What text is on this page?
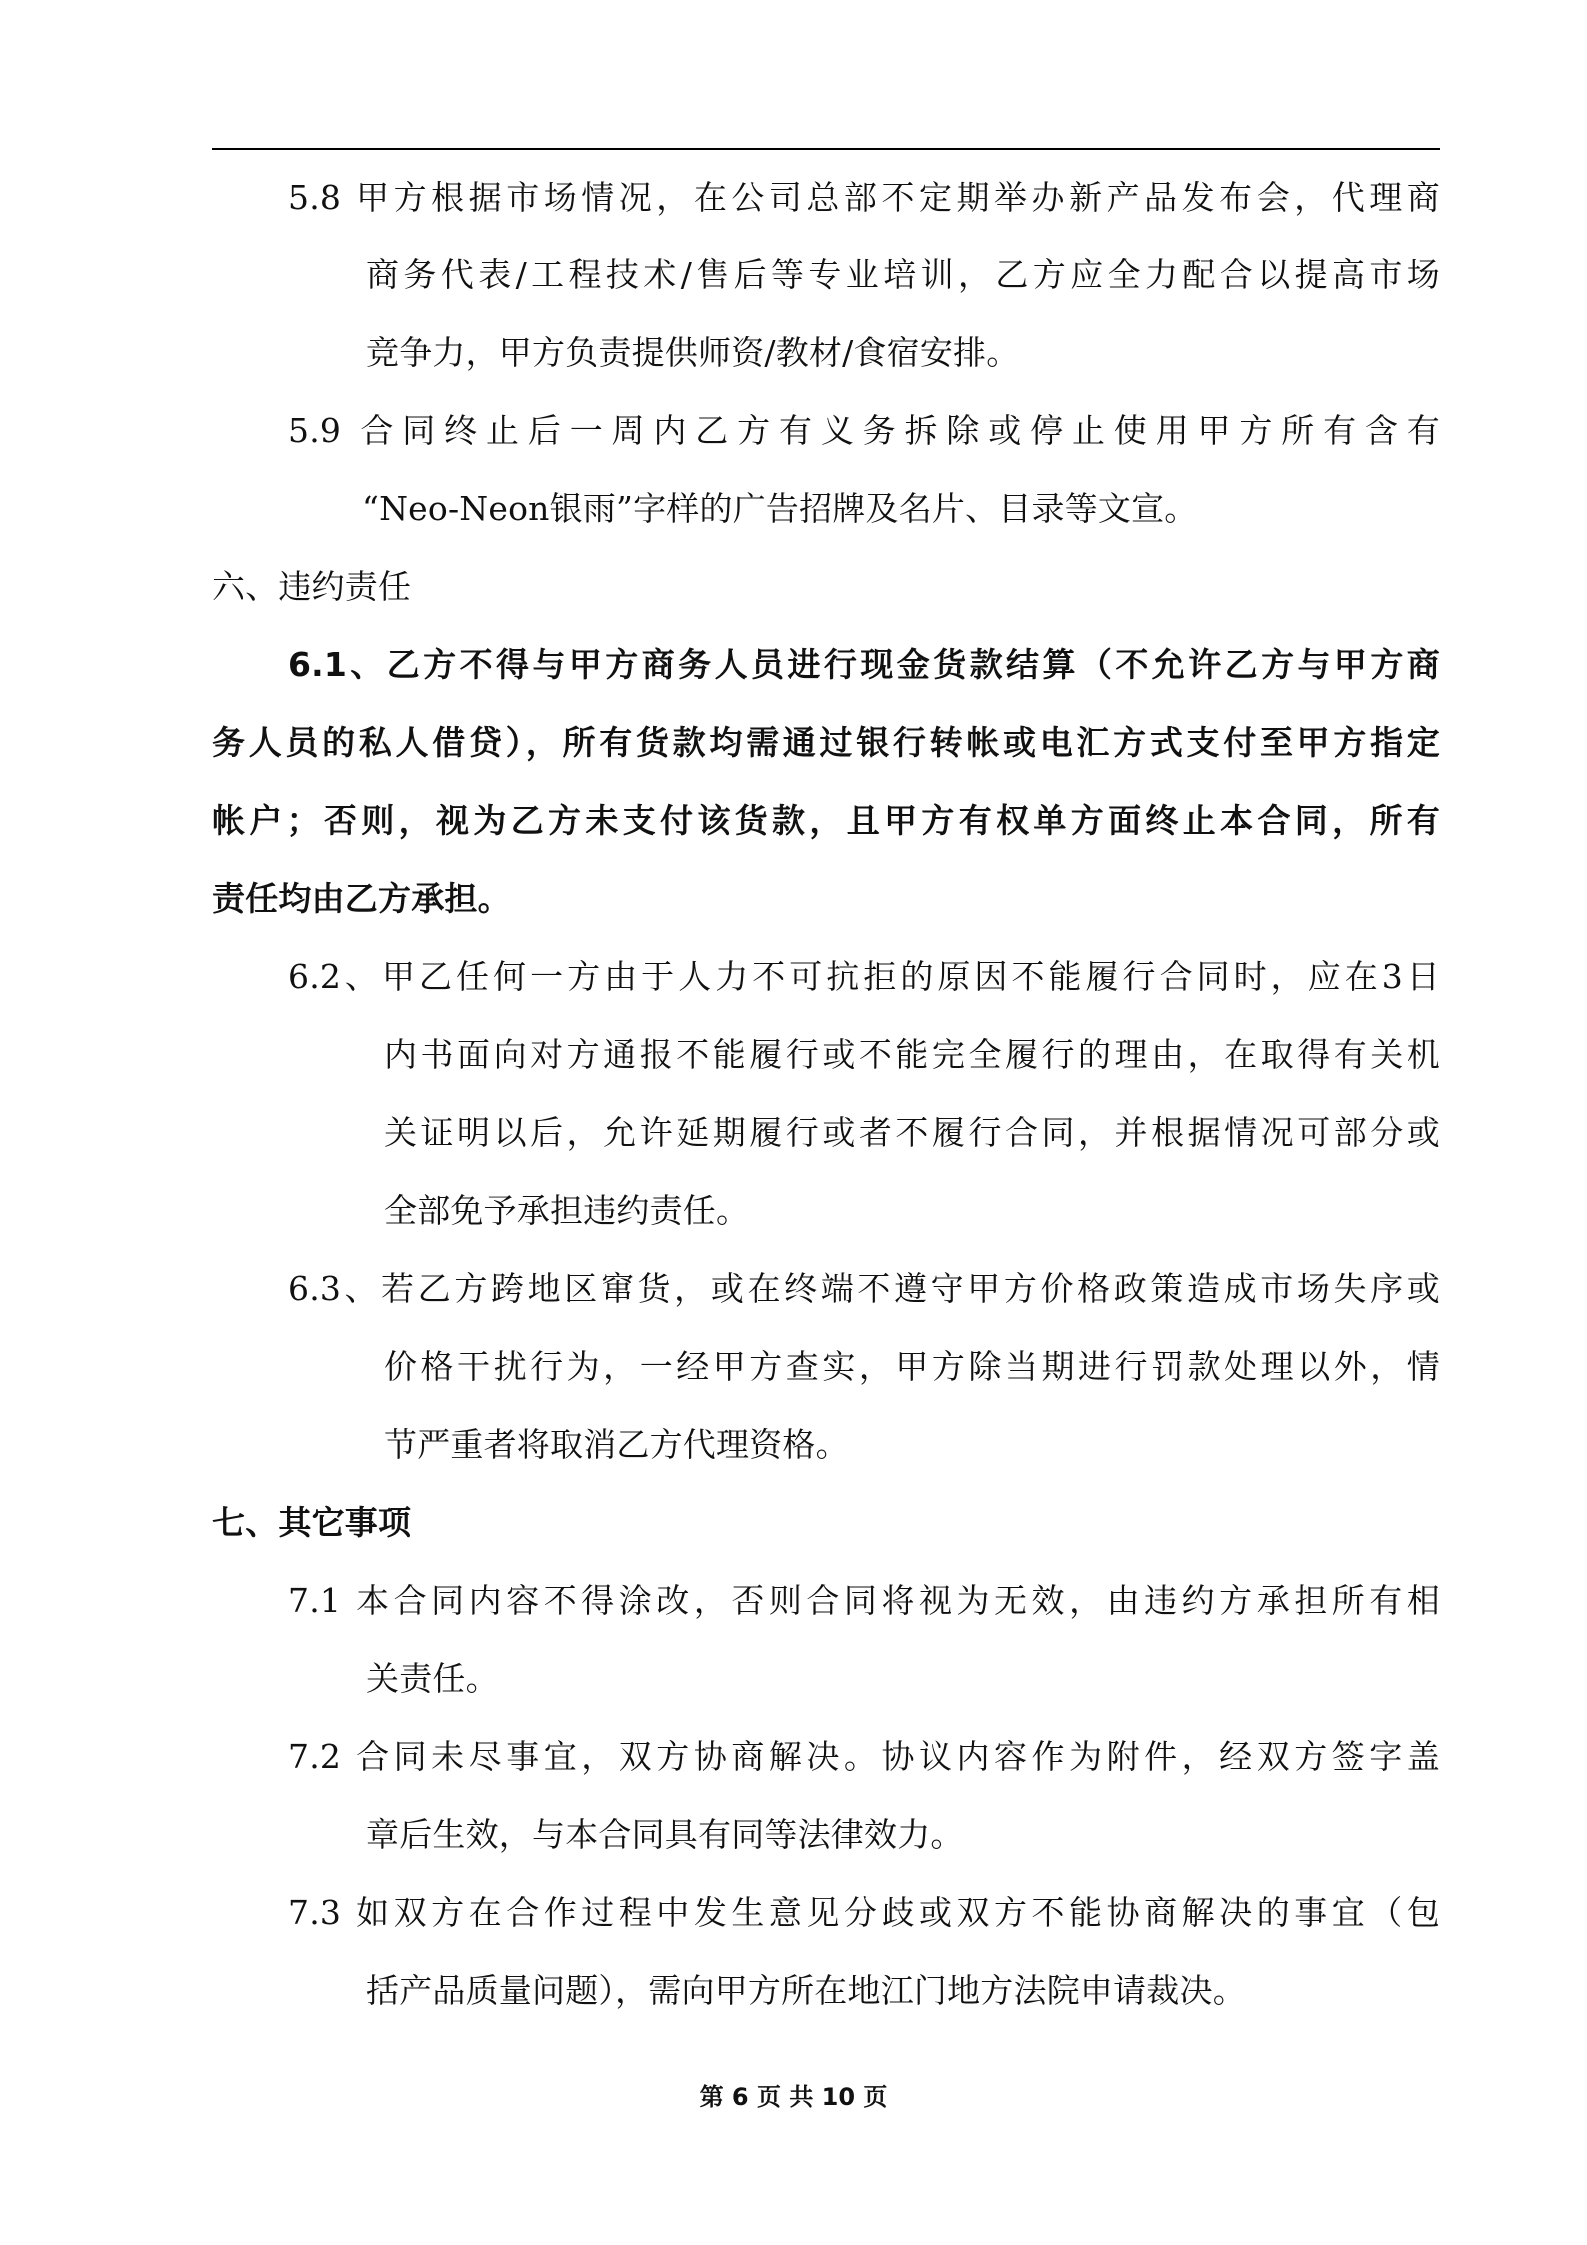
5.8 甲方根据市场情况，在公司总部不定期举办新产品发布会，代理商
商务代表/工程技术/售后等专业培训，乙方应全力配合以提高市场
竞争力，甲方负责提供师资/教材/食宿安排。
5.9 合同终止后一周内乙方有义务拆除或停止使用甲方所有含有
“Neo-Neon银雨”字样的广告招牌及名片、目录等文宣。
六、违约责任
6.1、乙方不得与甲方商务人员进行现金货款结算（不允许乙方与甲方商
务人员的私人借贷），所有货款均需通过银行转帐或电汇方式支付至甲方指定
帐户；否则，视为乙方未支付该货款，且甲方有权单方面终止本合同，所有
责任均由乙方承担。
6.2、甲乙任何一方由于人力不可抗拒的原因不能履行合同时，应在3日
内书面向对方通报不能履行或不能完全履行的理由，在取得有关机
关证明以后，允许延期履行或者不履行合同，并根据情况可部分或
全部免予承担违约责任。
6.3、若乙方跨地区窜货，或在终端不遵守甲方价格政策造成市场失序或
价格干扰行为，一经甲方查实，甲方除当期进行罚款处理以外，情
节严重者将取消乙方代理资格。
七、其它事项
7.1 本合同内容不得涂改，否则合同将视为无效，由违约方承担所有相
关责任。
7.2 合同未尽事宜，双方协商解决。协议内容作为附件，经双方签字盖
章后生效，与本合同具有同等法律效力。
7.3 如双方在合作过程中发生意见分歧或双方不能协商解决的事宜（包
括产品质量问题），需向甲方所在地江门地方法院申请裁决。
第 6 页 共 10 页
